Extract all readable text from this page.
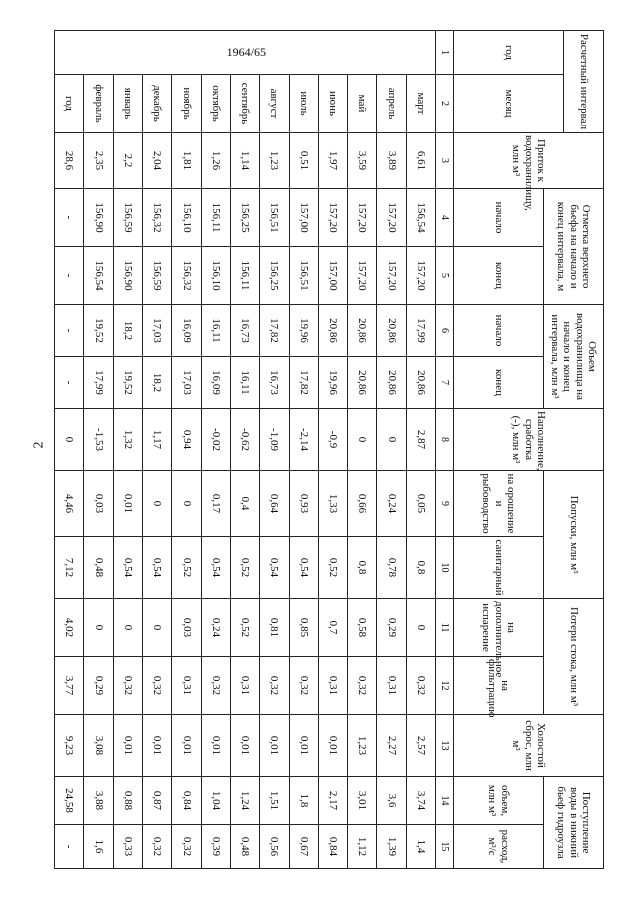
2
Расчетный интервал		Приток к водохранилищу, млн м³	Отметка верхнего бьефа на начало и конец интервала, м		Объем водохранилища на начало и конец интервала, млн м³		Наполнение, сработка (-), млн м³	Попуски, млн м³		Потери стока, млн м³		Холостой сброс, млн м³	Поступление воды в нижний бьеф гидроузла	
год	месяц													
			начало	конец	начало	конец		на орошение и рыбоводство	санитарный	на дополнительное испарение	на фильтрацию		объем, млн м³	расход, м³/с
1	2	3	4	5	6	7	8	9	10	11	12	13	14	15
1964/65	март	6,61	156,54	157,20	17,99	20,86	2,87	0,05	0,8	0	0,32	2,57	3,74	1,4
	апрель	3,89	157,20	157,20	20,86	20,86	0	0,24	0,78	0,29	0,31	2,27	3,6	1,39
	май	3,59	157,20	157,20	20,86	20,86	0	0,66	0,8	0,58	0,32	1,23	3,01	1,12
	июнь	1,97	157,20	157,00	20,86	19,96	-0,9	1,33	0,52	0,7	0,31	0,01	2,17	0,84
	июль	0,51	157,00	156,51	19,96	17,82	-2,14	0,93	0,54	0,85	0,32	0,01	1,8	0,67
	август	1,23	156,51	156,25	17,82	16,73	-1,09	0,64	0,54	0,81	0,32	0,01	1,51	0,56
	сентябрь	1,14	156,25	156,11	16,73	16,11	-0,62	0,4	0,52	0,52	0,31	0,01	1,24	0,48
	октябрь	1,26	156,11	156,10	16,11	16,09	-0,02	0,17	0,54	0,24	0,32	0,01	1,04	0,39
	ноябрь	1,81	156,10	156,32	16,09	17,03	0,94	0	0,52	0,03	0,31	0,01	0,84	0,32
	декабрь	2,04	156,32	156,59	17,03	18,2	1,17	0	0,54	0	0,32	0,01	0,87	0,32
	январь	2,2	156,59	156,90	18,2	19,52	1,32	0,01	0,54	0	0,32	0,01	0,88	0,33
	февраль	2,35	156,90	156,54	19,52	17,99	-1,53	0,03	0,48	0	0,29	3,08	3,88	1,6
	год	28,6	-	-	-	-	0	4,46	7,12	4,02	3,77	9,23	24,58	-
